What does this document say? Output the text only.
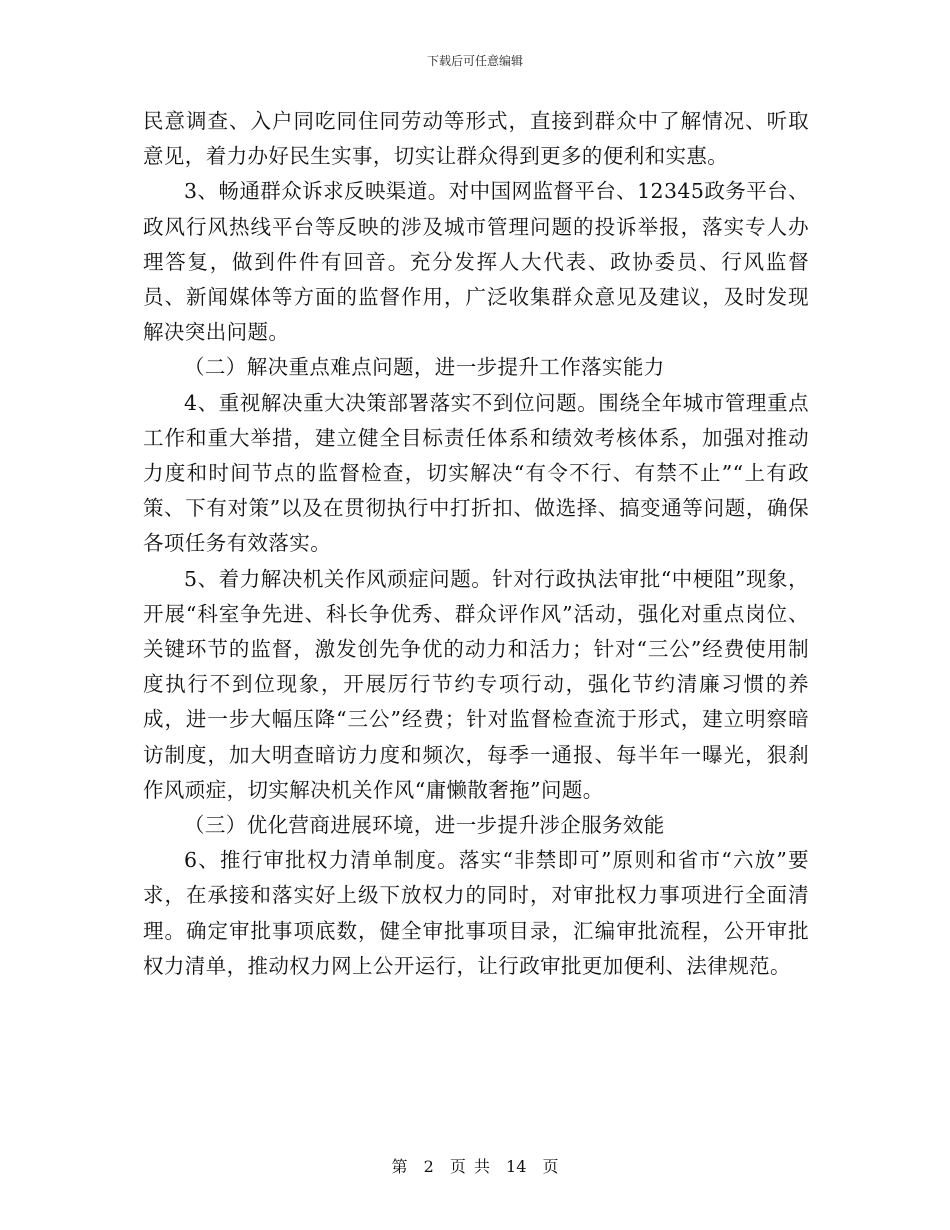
下载后可任意编辑

民意调查、入户同吃同住同劳动等形式，直接到群众中了解情况、听取意见，着力办好民生实事，切实让群众得到更多的便利和实惠。

3、畅通群众诉求反映渠道。对中国网监督平台、12345政务平台、政风行风热线平台等反映的涉及城市管理问题的投诉举报，落实专人办理答复，做到件件有回音。充分发挥人大代表、政协委员、行风监督员、新闻媒体等方面的监督作用，广泛收集群众意见及建议，及时发现解决突出问题。

（二）解决重点难点问题，进一步提升工作落实能力

4、重视解决重大决策部署落实不到位问题。围绕全年城市管理重点工作和重大举措，建立健全目标责任体系和绩效考核体系，加强对推动力度和时间节点的监督检查，切实解决“有令不行、有禁不止”“上有政策、下有对策”以及在贯彻执行中打折扣、做选择、搞变通等问题，确保各项任务有效落实。

5、着力解决机关作风顽症问题。针对行政执法审批“中梗阻”现象，开展“科室争先进、科长争优秀、群众评作风”活动，强化对重点岗位、关键环节的监督，激发创先争优的动力和活力；针对“三公”经费使用制度执行不到位现象，开展厉行节约专项行动，强化节约清廉习惯的养成，进一步大幅压降“三公”经费；针对监督检查流于形式，建立明察暗访制度，加大明查暗访力度和频次，每季一通报、每半年一曝光，狠刹作风顽症，切实解决机关作风“庸懒散奢拖”问题。

（三）优化营商进展环境，进一步提升涉企服务效能

6、推行审批权力清单制度。落实“非禁即可”原则和省市“六放”要求，在承接和落实好上级下放权力的同时，对审批权力事项进行全面清理。确定审批事项底数，健全审批事项目录，汇编审批流程，公开审批权力清单，推动权力网上公开运行，让行政审批更加便利、法律规范。

第 2 页 共 14 页
